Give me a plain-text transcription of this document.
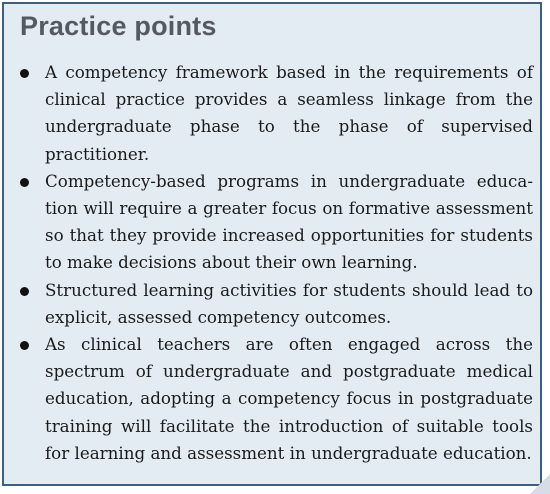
Practice points
A competency framework based in the requirements of clinical practice provides a seamless linkage from the undergraduate phase to the phase of supervised practitioner.
Competency-based programs in undergraduate education will require a greater focus on formative assessment so that they provide increased opportunities for students to make decisions about their own learning.
Structured learning activities for students should lead to explicit, assessed competency outcomes.
As clinical teachers are often engaged across the spectrum of undergraduate and postgraduate medical education, adopting a competency focus in postgraduate training will facilitate the introduction of suitable tools for learning and assessment in undergraduate education.
